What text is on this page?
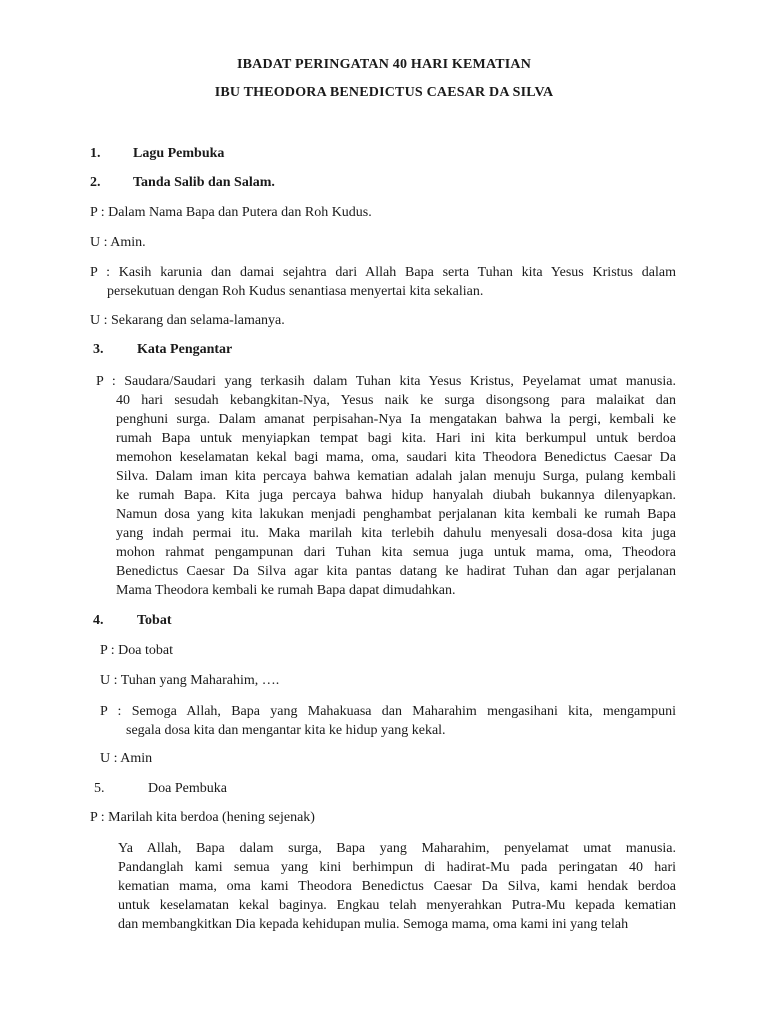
IBADAT PERINGATAN 40 HARI KEMATIAN
IBU THEODORA BENEDICTUS CAESAR DA SILVA
1. Lagu Pembuka
2. Tanda Salib dan Salam.
P : Dalam Nama Bapa dan Putera dan Roh Kudus.
U : Amin.
P : Kasih karunia dan damai sejahtra dari Allah Bapa serta Tuhan kita Yesus Kristus dalam
persekutuan dengan Roh Kudus senantiasa menyertai kita sekalian.
U : Sekarang dan selama-lamanya.
3. Kata Pengantar
P : Saudara/Saudari yang terkasih dalam Tuhan kita Yesus Kristus, Peyelamat umat manusia.
40 hari sesudah kebangkitan-Nya, Yesus naik ke surga disongsong para malaikat dan
penghuni surga. Dalam amanat perpisahan-Nya Ia mengatakan bahwa la pergi, kembali ke
rumah Bapa untuk menyiapkan tempat bagi kita. Hari ini kita berkumpul untuk berdoa
memohon keselamatan kekal bagi mama, oma, saudari kita Theodora Benedictus Caesar Da
Silva. Dalam iman kita percaya bahwa kematian adalah jalan menuju Surga, pulang kembali
ke rumah Bapa. Kita juga percaya bahwa hidup hanyalah diubah bukannya dilenyapkan.
Namun dosa yang kita lakukan menjadi penghambat perjalanan kita kembali ke rumah Bapa
yang indah permai itu. Maka marilah kita terlebih dahulu menyesali dosa-dosa kita juga
mohon rahmat pengampunan dari Tuhan kita semua juga untuk mama, oma, Theodora
Benedictus Caesar Da Silva agar kita pantas datang ke hadirat Tuhan dan agar perjalanan
Mama Theodora kembali ke rumah Bapa dapat dimudahkan.
4. Tobat
P : Doa tobat
U : Tuhan yang Maharahim, ….
P : Semoga Allah, Bapa yang Mahakuasa dan Maharahim mengasihani kita, mengampuni
segala dosa kita dan mengantar kita ke hidup yang kekal.
U : Amin
5.	Doa Pembuka
P : Marilah kita berdoa (hening sejenak)
Ya Allah, Bapa dalam surga, Bapa yang Maharahim, penyelamat umat manusia.
Pandanglah kami semua yang kini berhimpun di hadirat-Mu pada peringatan 40 hari
kematian mama, oma kami Theodora Benedictus Caesar Da Silva, kami hendak berdoa
untuk keselamatan kekal baginya. Engkau telah menyerahkan Putra-Mu kepada kematian
dan membangkitkan Dia kepada kehidupan mulia. Semoga mama, oma kami ini yang telah
